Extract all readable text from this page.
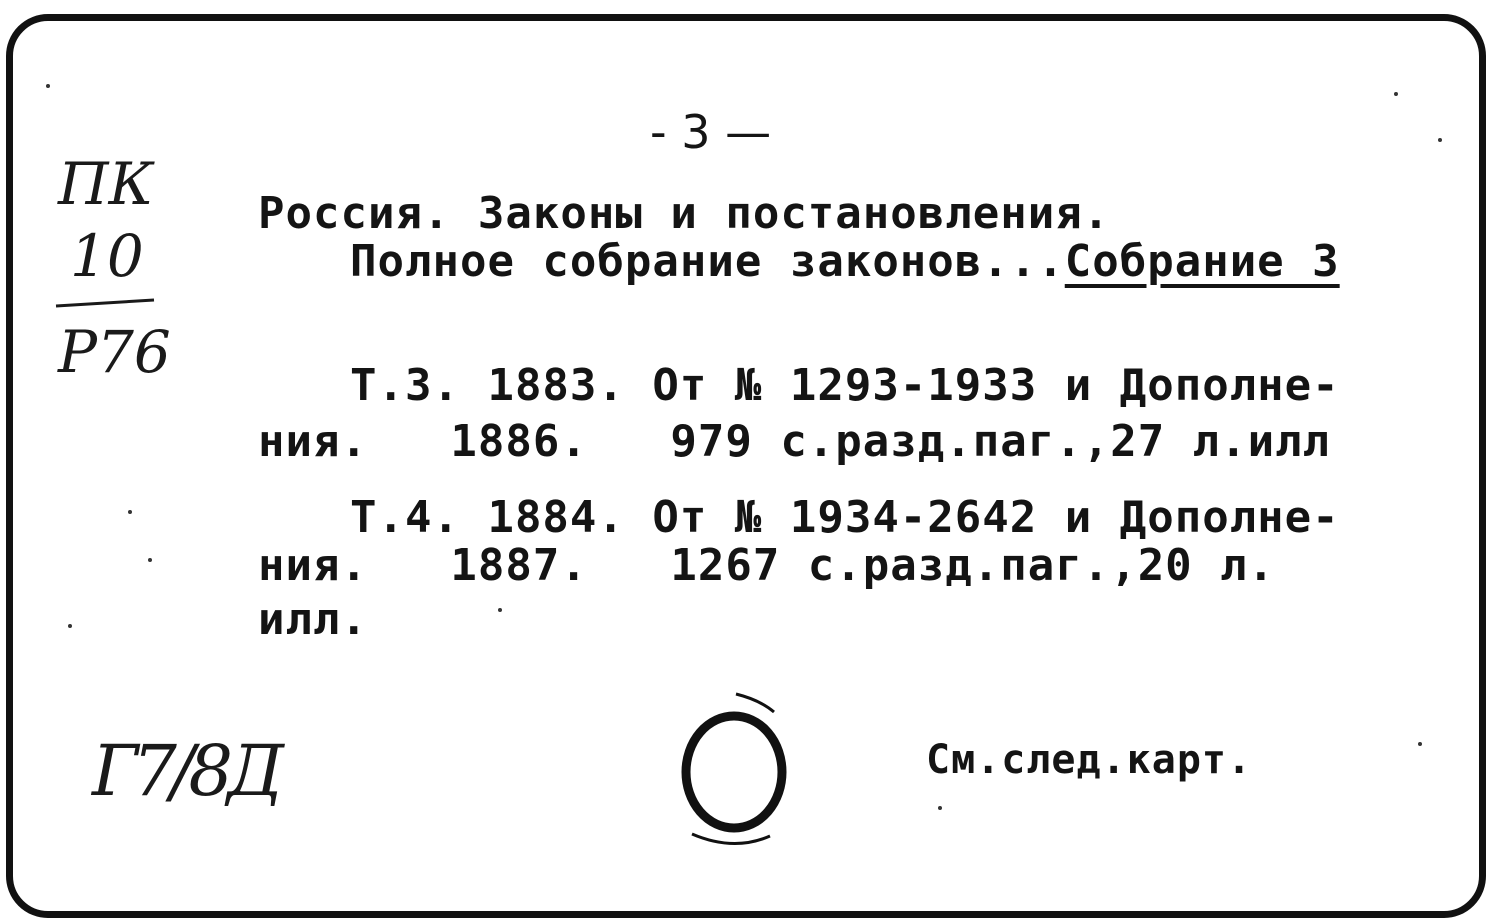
- 3 —
Россия. Законы и постановления.
Полное собрание законов...Собрание 3
Т.3. 1883. От № 1293-1933 и Дополне-
ния.   1886.   979 с.разд.паг.,27 л.илл
Т.4. 1884. От № 1934-2642 и Дополне-
ния.   1887.   1267 с.разд.паг.,20 л.
илл.
См.след.карт.
ПК
10
Р76
Г7/8Д
